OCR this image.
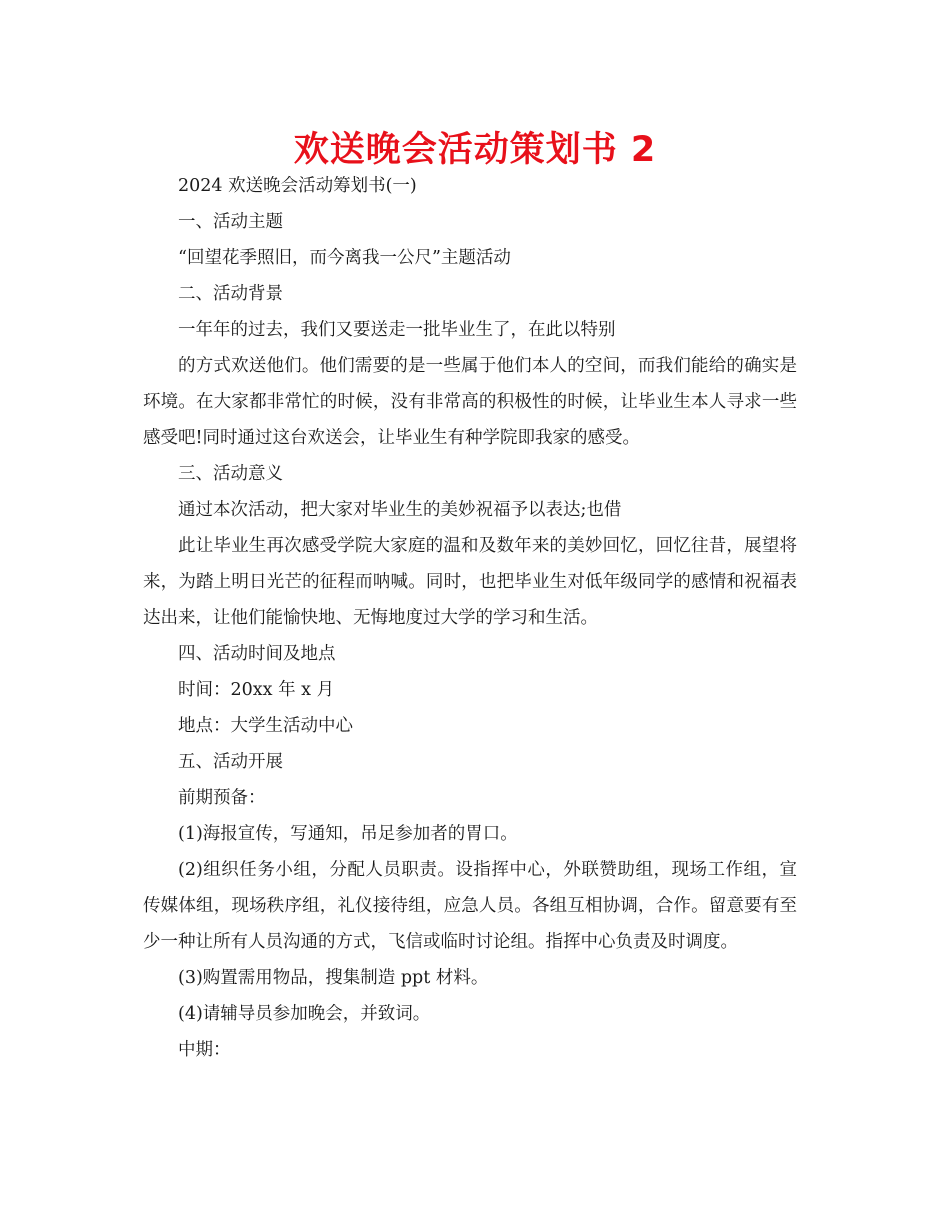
欢送晚会活动策划书 2

2024 欢送晚会活动筹划书(一)

一、活动主题

“回望花季照旧，而今离我一公尺”主题活动

二、活动背景

一年年的过去，我们又要送走一批毕业生了，在此以特别

的方式欢送他们。他们需要的是一些属于他们本人的空间，而我们能给的确实是环境。在大家都非常忙的时候，没有非常高的积极性的时候，让毕业生本人寻求一些感受吧!同时通过这台欢送会，让毕业生有种学院即我家的感受。

三、活动意义

通过本次活动，把大家对毕业生的美妙祝福予以表达;也借

此让毕业生再次感受学院大家庭的温和及数年来的美妙回忆，回忆往昔，展望将来，为踏上明日光芒的征程而呐喊。同时，也把毕业生对低年级同学的感情和祝福表达出来，让他们能愉快地、无悔地度过大学的学习和生活。

四、活动时间及地点

时间：20xx 年 x 月

地点：大学生活动中心

五、活动开展

前期预备：

(1)海报宣传，写通知，吊足参加者的胃口。

(2)组织任务小组，分配人员职责。设指挥中心，外联赞助组，现场工作组，宣传媒体组，现场秩序组，礼仪接待组，应急人员。各组互相协调，合作。留意要有至少一种让所有人员沟通的方式，飞信或临时讨论组。指挥中心负责及时调度。

(3)购置需用物品，搜集制造 ppt 材料。

(4)请辅导员参加晚会，并致词。

中期：
